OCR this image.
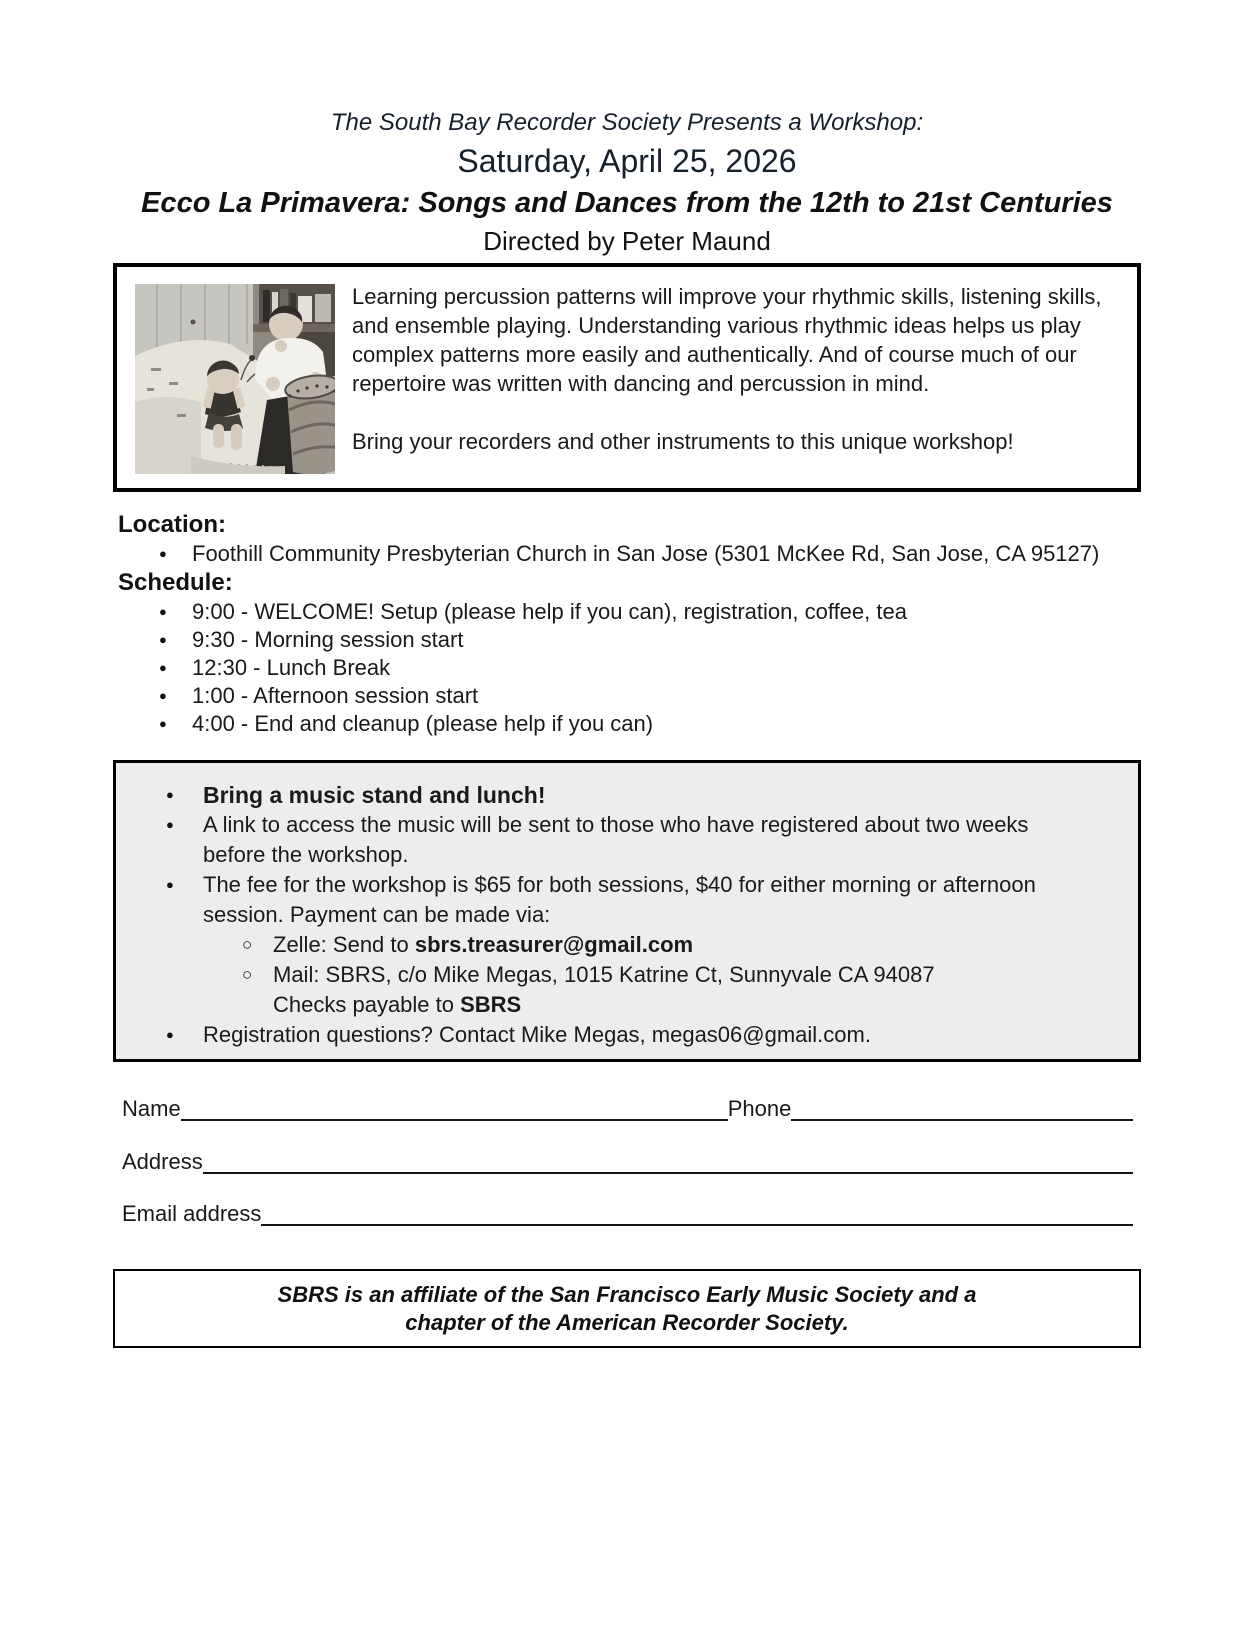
The South Bay Recorder Society Presents a Workshop:
Saturday, April 25, 2026
Ecco La Primavera: Songs and Dances from the 12th to 21st Centuries
Directed by Peter Maund

Learning percussion patterns will improve your rhythmic skills, listening skills, and ensemble playing. Understanding various rhythmic ideas helps us play complex patterns more easily and authentically. And of course much of our repertoire was written with dancing and percussion in mind.

Bring your recorders and other instruments to this unique workshop!

Location:
● Foothill Community Presbyterian Church in San Jose (5301 McKee Rd, San Jose, CA 95127)
Schedule:
● 9:00 - WELCOME! Setup (please help if you can), registration, coffee, tea
● 9:30 - Morning session start
● 12:30 - Lunch Break
● 1:00 - Afternoon session start
● 4:00 - End and cleanup (please help if you can)
● Bring a music stand and lunch!
● A link to access the music will be sent to those who have registered about two weeks before the workshop.
● The fee for the workshop is $65 for both sessions, $40 for either morning or afternoon session. Payment can be made via:
○ Zelle: Send to sbrs.treasurer@gmail.com
○ Mail: SBRS, c/o Mike Megas, 1015 Katrine Ct, Sunnyvale CA 94087
Checks payable to SBRS
● Registration questions? Contact Mike Megas, megas06@gmail.com.
Name	Phone
Address
Email address
SBRS is an affiliate of the San Francisco Early Music Society and a
chapter of the American Recorder Society.
